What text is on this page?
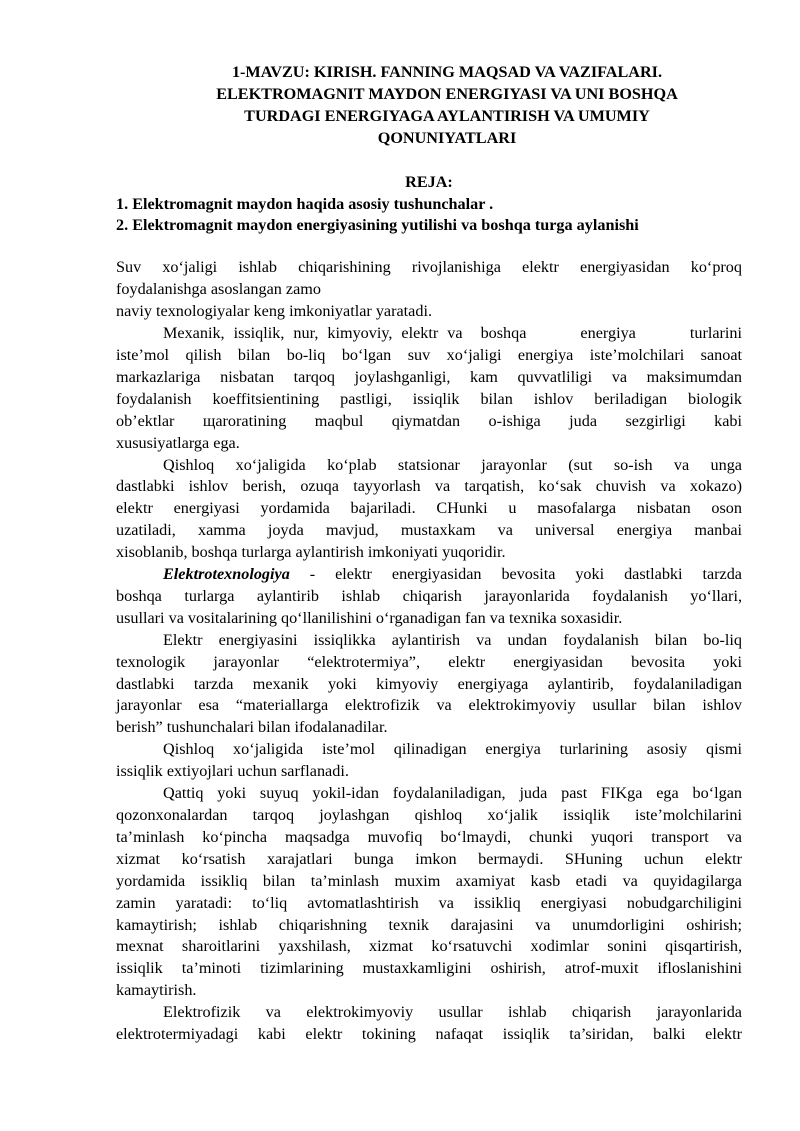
1-MAVZU: KIRISH. FANNING MAQSAD VA VAZIFALARI.
ELEKTROMAGNIT MAYDON ENERGIYASI VA UNI BOSHQA
TURDAGI ENERGIYAGA AYLANTIRISH VA UMUMIY
QONUNIYATLARI
REJA:
1. Elektromagnit maydon haqida asosiy tushunchalar .
2. Elektromagnit maydon energiyasining yutilishi va boshqa turga aylanishi
Suv xo‘jaligi ishlab chiqarishining rivojlanishiga elektr energiyasidan ko‘proq
foydalanishga asoslangan zamo
naviy texnologiyalar keng imkoniyatlar yaratadi.
Mexanik, issiqlik, nur, kimyoviy, elektr va  boshqa      energiya      turlarini
iste’mol qilish bilan bo-liq bo‘lgan suv xo‘jaligi energiya iste’molchilari sanoat
markazlariga nisbatan tarqoq joylashganligi, kam quvvatliligi va maksimumdan
foydalanish koeffitsientining pastligi, issiqlik bilan ishlov beriladigan biologik
ob’ektlar щaroratining maqbul qiymatdan o-ishiga juda sezgirligi kabi
xususiyatlarga ega.
Qishloq xo‘jaligida ko‘plab statsionar jarayonlar (sut so-ish va unga
dastlabki ishlov berish, ozuqa tayyorlash va tarqatish, ko‘sak chuvish va xokazo)
elektr energiyasi yordamida bajariladi. CHunki u masofalarga nisbatan oson
uzatiladi, xamma joyda mavjud, mustaxkam va universal energiya manbai
xisoblanib, boshqa turlarga aylantirish imkoniyati yuqoridir.
Elektrotexnologiya - elektr energiyasidan bevosita yoki dastlabki tarzda
boshqa turlarga aylantirib ishlab chiqarish jarayonlarida foydalanish yo‘llari,
usullari va vositalarining qo‘llanilishini o‘rganadigan fan va texnika soxasidir.
Elektr energiyasini issiqlikka aylantirish va undan foydalanish bilan bo-liq
texnologik jarayonlar “elektrotermiya”, elektr energiyasidan bevosita yoki
dastlabki tarzda mexanik yoki kimyoviy energiyaga aylantirib, foydalaniladigan
jarayonlar esa “materiallarga elektrofizik va elektrokimyoviy usullar bilan ishlov
berish” tushunchalari bilan ifodalanadilar.
Qishloq xo‘jaligida iste’mol qilinadigan energiya turlarining asosiy qismi
issiqlik extiyojlari uchun sarflanadi.
Qattiq yoki suyuq yokil-idan foydalaniladigan, juda past FIKga ega bo‘lgan
qozonxonalardan tarqoq joylashgan qishloq xo‘jalik issiqlik iste’molchilarini
ta’minlash ko‘pincha maqsadga muvofiq bo‘lmaydi, chunki yuqori transport va
xizmat ko‘rsatish xarajatlari bunga imkon bermaydi. SHuning uchun elektr
yordamida issikliq bilan ta’minlash muxim axamiyat kasb etadi va quyidagilarga
zamin yaratadi: to‘liq avtomatlashtirish va issikliq energiyasi nobudgarchiligini
kamaytirish; ishlab chiqarishning texnik darajasini va unumdorligini oshirish;
mexnat sharoitlarini yaxshilash, xizmat ko‘rsatuvchi xodimlar sonini qisqartirish,
issiqlik ta’minoti tizimlarining mustaxkamligini oshirish, atrof-muxit ifloslanishini
kamaytirish.
Elektrofizik va elektrokimyoviy usullar ishlab chiqarish jarayonlarida
elektrotermiyadagi kabi elektr tokining nafaqat issiqlik ta’siridan, balki elektr
